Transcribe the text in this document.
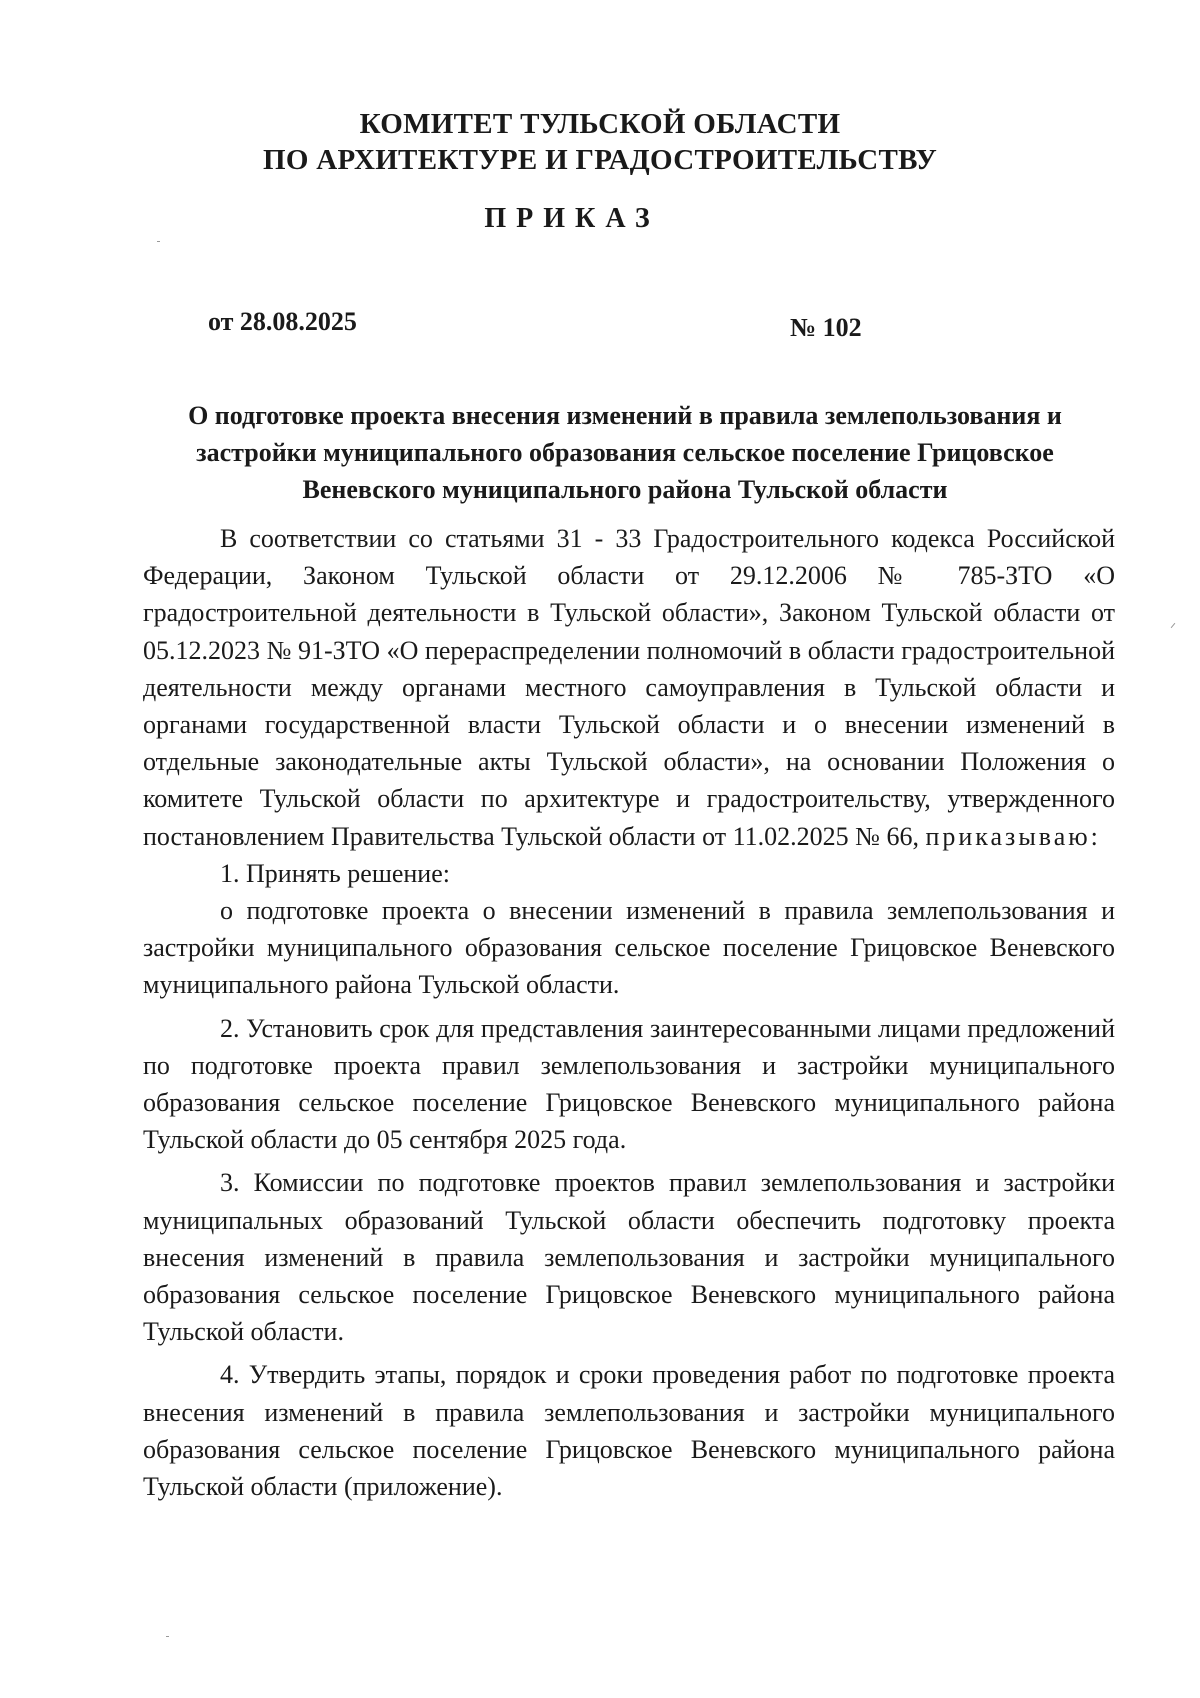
КОМИТЕТ ТУЛЬСКОЙ ОБЛАСТИ
ПО АРХИТЕКТУРЕ И ГРАДОСТРОИТЕЛЬСТВУ
ПРИКАЗ
от 28.08.2025	№ 102
О подготовке проекта внесения изменений в правила землепользования и застройки муниципального образования сельское поселение Грицовское Веневского муниципального района Тульской области

В соответствии со статьями 31 - 33 Градостроительного кодекса Российской Федерации, Законом Тульской области от 29.12.2006 № 785-ЗТО «О градостроительной деятельности в Тульской области», Законом Тульской области от 05.12.2023 № 91-ЗТО «О перераспределении полномочий в области градостроительной деятельности между органами местного самоуправления в Тульской области и органами государственной власти Тульской области и о внесении изменений в отдельные законодательные акты Тульской области», на основании Положения о комитете Тульской области по архитектуре и градостроительству, утвержденного постановлением Правительства Тульской области от 11.02.2025 № 66, приказываю:

1. Принять решение:

о подготовке проекта о внесении изменений в правила землепользования и застройки муниципального образования сельское поселение Грицовское Веневского муниципального района Тульской области.

2. Установить срок для представления заинтересованными лицами предложений по подготовке проекта правил землепользования и застройки муниципального образования сельское поселение Грицовское Веневского муниципального района Тульской области до 05 сентября 2025 года.

3. Комиссии по подготовке проектов правил землепользования и застройки муниципальных образований Тульской области обеспечить подготовку проекта внесения изменений в правила землепользования и застройки муниципального образования сельское поселение Грицовское Веневского муниципального района Тульской области.

4. Утвердить этапы, порядок и сроки проведения работ по подготовке проекта внесения изменений в правила землепользования и застройки муниципального образования сельское поселение Грицовское Веневского муниципального района Тульской области (приложение).
